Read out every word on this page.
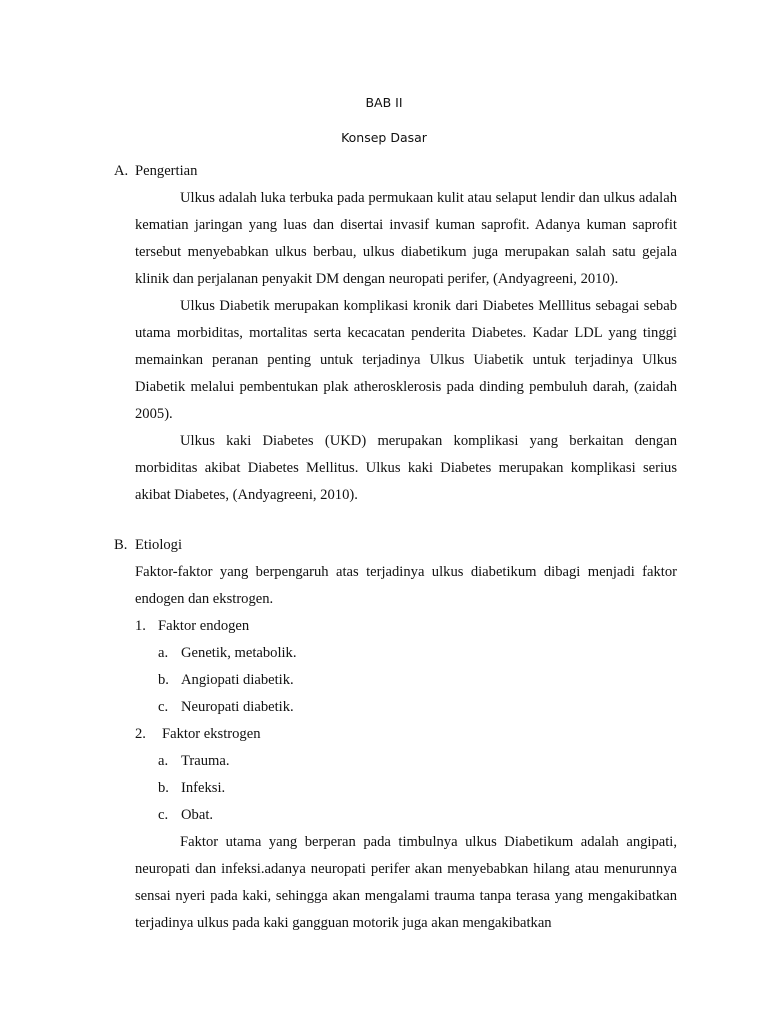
BAB II
Konsep Dasar
A. Pengertian

Ulkus adalah luka terbuka pada permukaan kulit atau selaput lendir dan ulkus adalah kematian jaringan yang luas dan disertai invasif kuman saprofit. Adanya kuman saprofit tersebut menyebabkan ulkus berbau, ulkus diabetikum juga merupakan salah satu gejala klinik dan perjalanan penyakit DM dengan neuropati perifer, (Andyagreeni, 2010).

Ulkus Diabetik merupakan komplikasi kronik dari Diabetes Melllitus sebagai sebab utama morbiditas, mortalitas serta kecacatan penderita Diabetes. Kadar LDL yang tinggi memainkan peranan penting untuk terjadinya Ulkus Uiabetik untuk terjadinya Ulkus Diabetik melalui pembentukan plak atherosklerosis pada dinding pembuluh darah, (zaidah 2005).

Ulkus kaki Diabetes (UKD) merupakan komplikasi yang berkaitan dengan morbiditas akibat Diabetes Mellitus. Ulkus kaki Diabetes merupakan komplikasi serius akibat Diabetes, (Andyagreeni, 2010).

B. Etiologi

Faktor-faktor yang berpengaruh atas terjadinya ulkus diabetikum dibagi menjadi faktor endogen dan ekstrogen.

1. Faktor endogen
a. Genetik, metabolik.
b. Angiopati diabetik.
c. Neuropati diabetik.
2. Faktor ekstrogen
a. Trauma.
b. Infeksi.
c. Obat.

Faktor utama yang berperan pada timbulnya ulkus Diabetikum adalah angipati, neuropati dan infeksi.adanya neuropati perifer akan menyebabkan hilang atau menurunnya sensai nyeri pada kaki, sehingga akan mengalami trauma tanpa terasa yang mengakibatkan terjadinya ulkus pada kaki gangguan motorik juga akan mengakibatkan
